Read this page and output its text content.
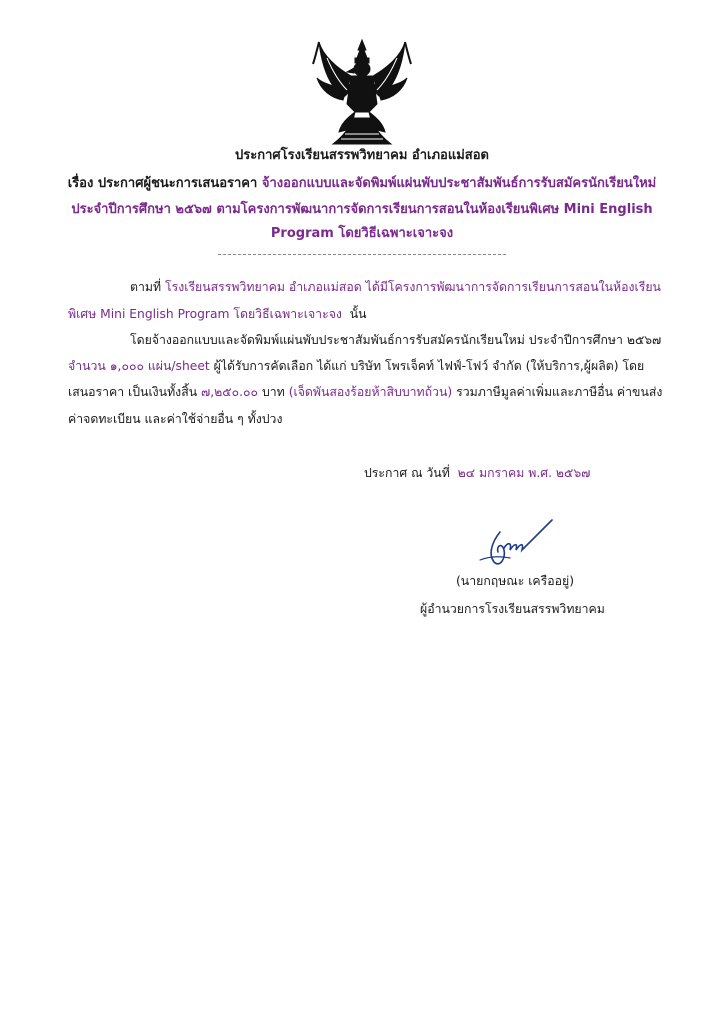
ประกาศโรงเรียนสรรพวิทยาคม อำเภอแม่สอด
เรื่อง ประกาศผู้ชนะการเสนอราคา จ้างออกแบบและจัดพิมพ์แผ่นพับประชาสัมพันธ์การรับสมัครนักเรียนใหม่
ประจำปีการศึกษา ๒๕๖๗ ตามโครงการพัฒนาการจัดการเรียนการสอนในห้องเรียนพิเศษ Mini English
Program โดยวิธีเฉพาะเจาะจง
ตามที่ โรงเรียนสรรพวิทยาคม อำเภอแม่สอด ได้มีโครงการพัฒนาการจัดการเรียนการสอนในห้องเรียน
พิเศษ Mini English Program โดยวิธีเฉพาะเจาะจง นั้น
โดยจ้างออกแบบและจัดพิมพ์แผ่นพับประชาสัมพันธ์การรับสมัครนักเรียนใหม่ ประจำปีการศึกษา ๒๕๖๗
จำนวน ๑,๐๐๐ แผ่น/sheet ผู้ได้รับการคัดเลือก ได้แก่ บริษัท โพรเจ็คท์ ไฟฟ์-โฟว์ จำกัด (ให้บริการ,ผู้ผลิต) โดย
เสนอราคา เป็นเงินทั้งสิ้น ๗,๒๕๐.๐๐ บาท (เจ็ดพันสองร้อยห้าสิบบาทถ้วน) รวมภาษีมูลค่าเพิ่มและภาษีอื่น ค่าขนส่ง
ค่าจดทะเบียน และค่าใช้จ่ายอื่น ๆ ทั้งปวง
ประกาศ ณ วันที่ ๒๔ มกราคม พ.ศ. ๒๕๖๗
(นายกฤษณะ เครืออยู่)
ผู้อำนวยการโรงเรียนสรรพวิทยาคม
